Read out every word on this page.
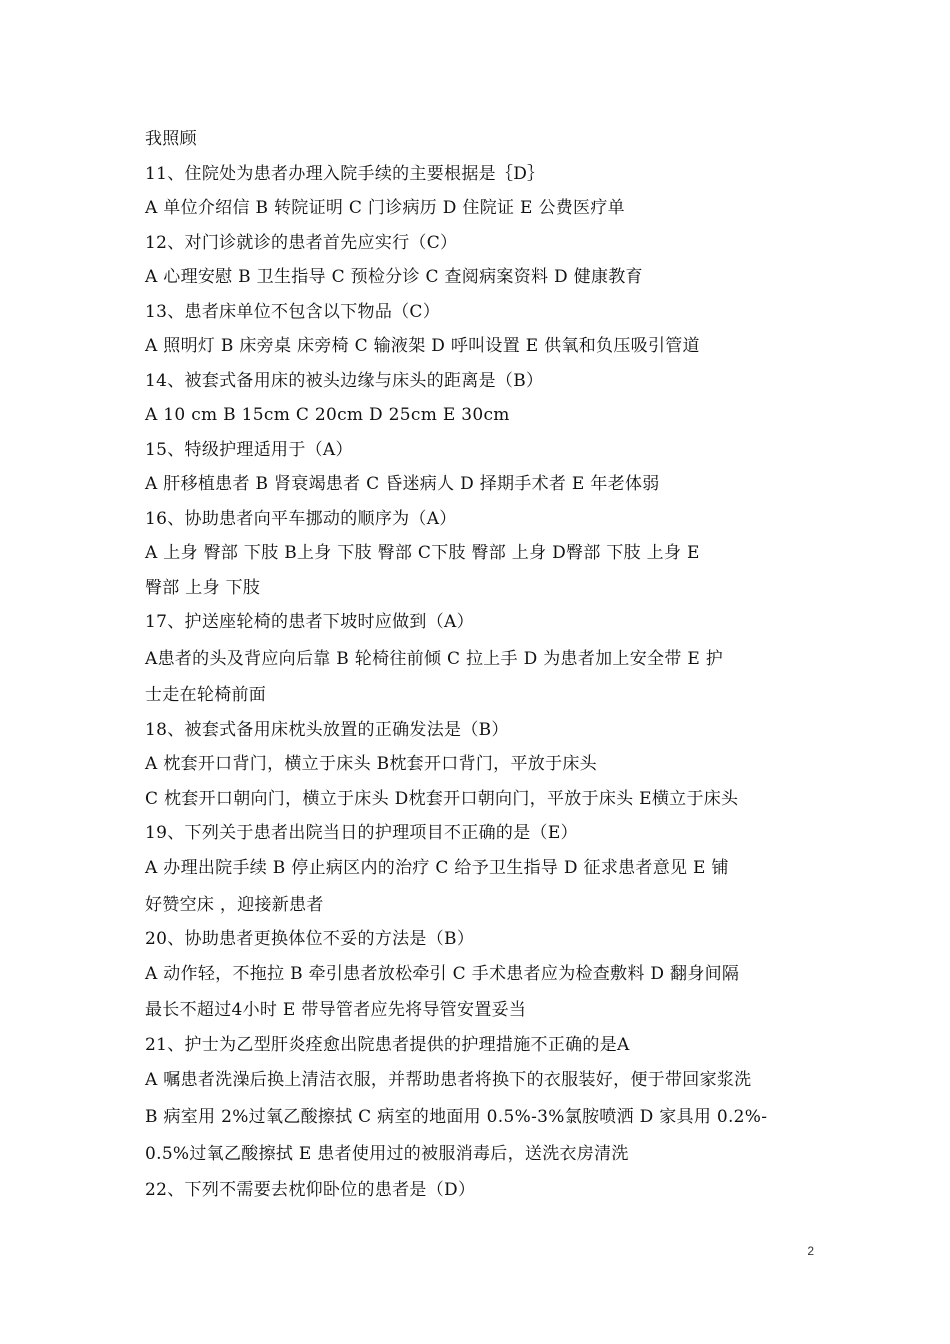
我照顾
11、住院处为患者办理入院手续的主要根据是｛D｝
A 单位介绍信 B 转院证明 C 门诊病历 D 住院证 E 公费医疗单
12、对门诊就诊的患者首先应实行（C）
A 心理安慰 B 卫生指导 C 预检分诊 C 查阅病案资料 D 健康教育
13、患者床单位不包含以下物品（C）
A 照明灯 B 床旁桌 床旁椅 C 输液架 D 呼叫设置 E 供氧和负压吸引管道
14、被套式备用床的被头边缘与床头的距离是（B）
A 10 cm B 15cm C 20cm D 25cm E 30cm
15、特级护理适用于（A）
A 肝移植患者 B 肾衰竭患者 C 昏迷病人 D 择期手术者 E 年老体弱
16、协助患者向平车挪动的顺序为（A）
A 上身 臀部 下肢 B上身 下肢 臀部 C下肢 臀部 上身 D臀部 下肢 上身 E
臀部 上身 下肢
17、护送座轮椅的患者下坡时应做到（A）
A患者的头及背应向后靠 B 轮椅往前倾 C 拉上手 D 为患者加上安全带 E 护
士走在轮椅前面
18、被套式备用床枕头放置的正确发法是（B）
A 枕套开口背门，横立于床头 B枕套开口背门，平放于床头
C 枕套开口朝向门，横立于床头 D枕套开口朝向门，平放于床头 E横立于床头
19、下列关于患者出院当日的护理项目不正确的是（E）
A 办理出院手续 B 停止病区内的治疗 C 给予卫生指导 D 征求患者意见 E 铺
好赞空床 ，迎接新患者
20、协助患者更换体位不妥的方法是（B）
A 动作轻，不拖拉 B 牵引患者放松牵引 C 手术患者应为检查敷料 D 翻身间隔
最长不超过4小时 E 带导管者应先将导管安置妥当
21、护士为乙型肝炎痊愈出院患者提供的护理措施不正确的是A
A 嘱患者洗澡后换上清洁衣服，并帮助患者将换下的衣服装好，便于带回家浆洗
B 病室用 2%过氧乙酸擦拭 C 病室的地面用 0.5%-3%氯胺喷洒 D 家具用 0.2%-
0.5%过氧乙酸擦拭 E 患者使用过的被服消毒后，送洗衣房清洗
22、下列不需要去枕仰卧位的患者是（D）
2
